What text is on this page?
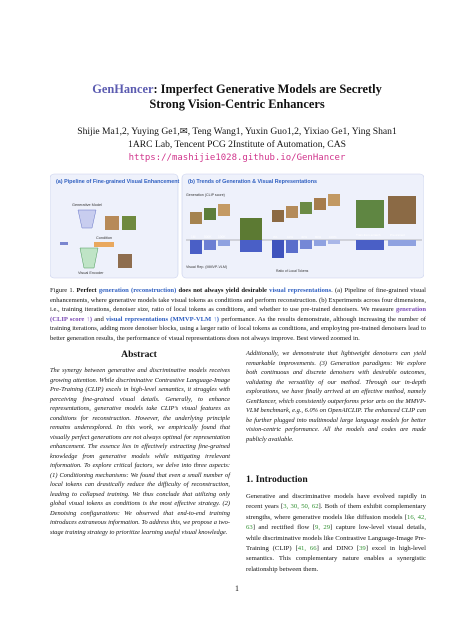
GenHancer: Imperfect Generative Models are Secretly
Strong Vision-Centric Enhancers
Shijie Ma1,2, Yuying Ge1,✉, Teng Wang1, Yuxin Guo1,2, Yixiao Ge1, Ying Shan1
1ARC Lab, Tencent PCG 2Institute of Automation, CAS
https://mashijie1028.github.io/GenHancer
(a) Pipeline of Fine-grained Visual Enhancement
Generative Model
Condition
Visual Encoder
(b) Trends of Generation & Visual Representations
Generation (CLIP score)
Visual Rep. (MMVP-VLM)
1M	500K 100K	0%	10%	40%	80%	100%
Ratio of Local Tokens
Train-from-scratch	Pre-trained
Figure 1. Perfect generation (reconstruction) does not always yield desirable visual representations. (a) Pipeline of fine-grained visual enhancements, where generative models take visual tokens as conditions and perform reconstruction. (b) Experiments across four dimensions, i.e., training iterations, denoiser size, ratio of local tokens as conditions, and whether to use pre-trained denoisers. We measure generation (CLIP score ↑) and visual representations (MMVP-VLM ↑) performance. As the results demonstrate, although increasing the number of training iterations, adding more denoiser blocks, using a larger ratio of local tokens as conditions, and employing pre-trained denoisers lead to better generation results, the performance of visual representations does not always improve. Best viewed zoomed in.
Abstract
The synergy between generative and discriminative models receives growing attention. While discriminative Contrastive Language-Image Pre-Training (CLIP) excels in high-level semantics, it struggles with perceiving fine-grained visual details. Generally, to enhance representations, generative models take CLIP’s visual features as conditions for reconstruction. However, the underlying principle remains underexplored. In this work, we empirically found that visually perfect generations are not always optimal for representation enhancement. The essence lies in effectively extracting fine-grained knowledge from generative models while mitigating irrelevant information. To explore critical factors, we delve into three aspects: (1) Conditioning mechanisms: We found that even a small number of local tokens can drastically reduce the difficulty of reconstruction, leading to collapsed training. We thus conclude that utilizing only global visual tokens as conditions is the most effective strategy. (2) Denoising configurations: We observed that end-to-end training introduces extraneous information. To address this, we propose a two-stage training strategy to prioritize learning useful visual knowledge.
Additionally, we demonstrate that lightweight denoisers can yield remarkable improvements. (3) Generation paradigms: We explore both continuous and discrete denoisers with desirable outcomes, validating the versatility of our method. Through our in-depth explorations, we have finally arrived at an effective method, namely GenHancer, which consistently outperforms prior arts on the MMVP-VLM benchmark, e.g., 6.0% on OpenAICLIP. The enhanced CLIP can be further plugged into multimodal large language models for better vision-centric performance. All the models and codes are made publicly available.
1. Introduction
Generative and discriminative models have evolved rapidly in recent years [3, 30, 50, 62]. Both of them exhibit complementary strengths, where generative models like diffusion models [16, 42, 63] and rectified flow [9, 29] capture low-level visual details, while discriminative models like Contrastive Language-Image Pre-Training (CLIP) [41, 66] and DINO [39] excel in high-level semantics. This complementary nature enables a synergistic relationship between them.
1
